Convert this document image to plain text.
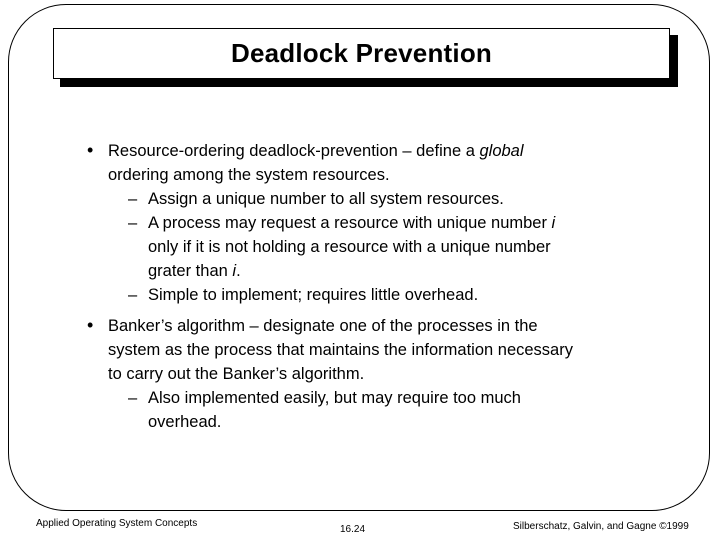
Deadlock Prevention
• Resource-ordering deadlock-prevention – define a global
ordering among the system resources.
– Assign a unique number to all system resources.
– A process may request a resource with unique number i
only if it is not holding a resource with a unique number
grater than i.
– Simple to implement; requires little overhead.
• Banker’s algorithm – designate one of the processes in the
system as the process that maintains the information necessary
to carry out the Banker’s algorithm.
– Also implemented easily, but may require too much
overhead.
Applied Operating System Concepts
16.24	Silberschatz, Galvin, and Gagne ©1999
